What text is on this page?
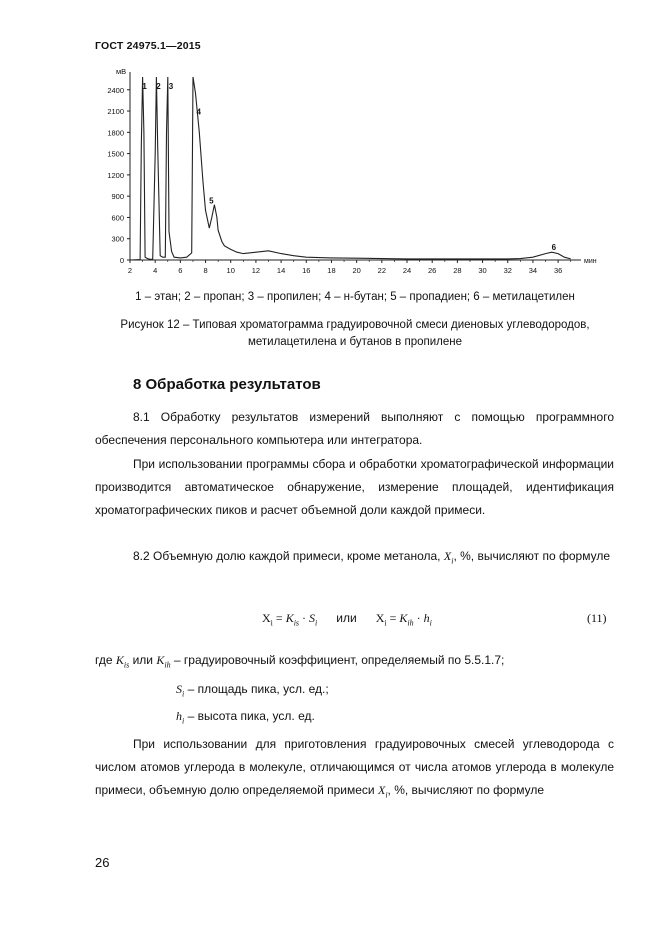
ГОСТ 24975.1—2015
0
300
600
900
1200
1500
1800
2100
2400
2	4	6	8	10 12 14 16 18 20 22 24 26 28 30 32 34 36
мВ
мин
1 2 3
4
5
6
1 – этан; 2 – пропан; 3 – пропилен; 4 – н-бутан; 5 – пропадиен; 6 – метилацетилен
Рисунок 12 – Типовая хроматограмма градуировочной смеси диеновых углеводородов,
метилацетилена и бутанов в пропилене
8 Обработка результатов
8.1 Обработку результатов измерений выполняют с помощью программного обеспечения персонального компьютера или интегратора.
При использовании программы сбора и обработки хроматографической информации производится автоматическое обнаружение, измерение площадей, идентификация хроматографических пиков и расчет объемной доли каждой примеси.
8.2 Объемную долю каждой примеси, кроме метанола, $X_i$, %, вычисляют по формуле
$X_i = K_{is} \cdot S_i$ или $X_i = K_{ih} \cdot h_i$	(11)
где $K_{is}$ или $K_{ih}$ – градуировочный коэффициент, определяемый по 5.5.1.7;
$S_i$ – площадь пика, усл. ед.;
$h_i$ – высота пика, усл. ед.
При использовании для приготовления градуировочных смесей углеводорода с числом атомов углерода в молекуле, отличающимся от числа атомов углерода в молекуле примеси, объемную долю определяемой примеси $X_i$, %, вычисляют по формуле
26
